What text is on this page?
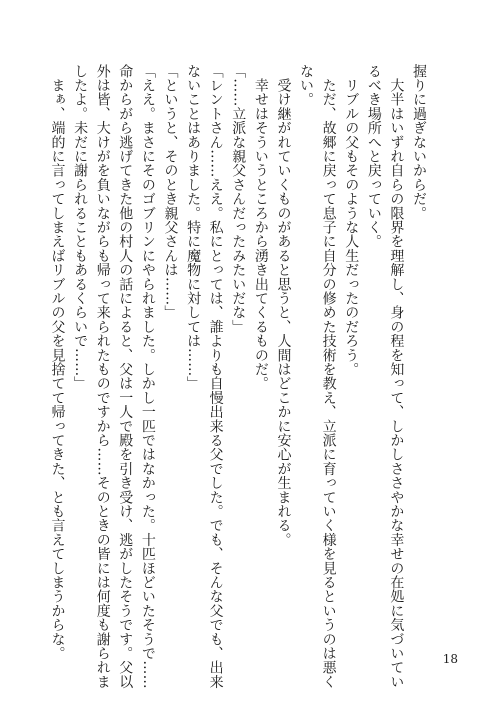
握りに過ぎないからだ。
　大半はいずれ自らの限界を理解し、身の程を知って、しかしささやかな幸せの在処に気づいてい
るべき場所へと戻っていく。
　リブルの父もそのような人生だったのだろう。
　ただ、故郷に戻って息子に自分の修めた技術を教え、立派に育っていく様を見るというのは悪く
ない。
　受け継がれていくものがあると思うと、人間はどこかに安心が生まれる。
　幸せはそういうところから湧き出てくるものだ。
「……立派な親父さんだったみたいだな」
「レントさん……ええ。私にとっては、誰よりも自慢出来る父でした。でも、そんな父でも、出来
ないことはありました。特に魔物に対しては……」
「というと、そのとき親父さんは……」
「ええ。まさにそのゴブリンにやられました。しかし一匹ではなかった。十匹ほどいたそうで……
命からがら逃げてきた他の村人の話によると、父は一人で殿を引き受け、逃がしたそうです。父以
外は皆、大けがを負いながらも帰って来られたものですから……そのときの皆には何度も謝られま
したよ。未だに謝られることもあるくらいで……」
　まぁ、端的に言ってしまえばリブルの父を見捨てて帰ってきた、とも言えてしまうからな。	18
